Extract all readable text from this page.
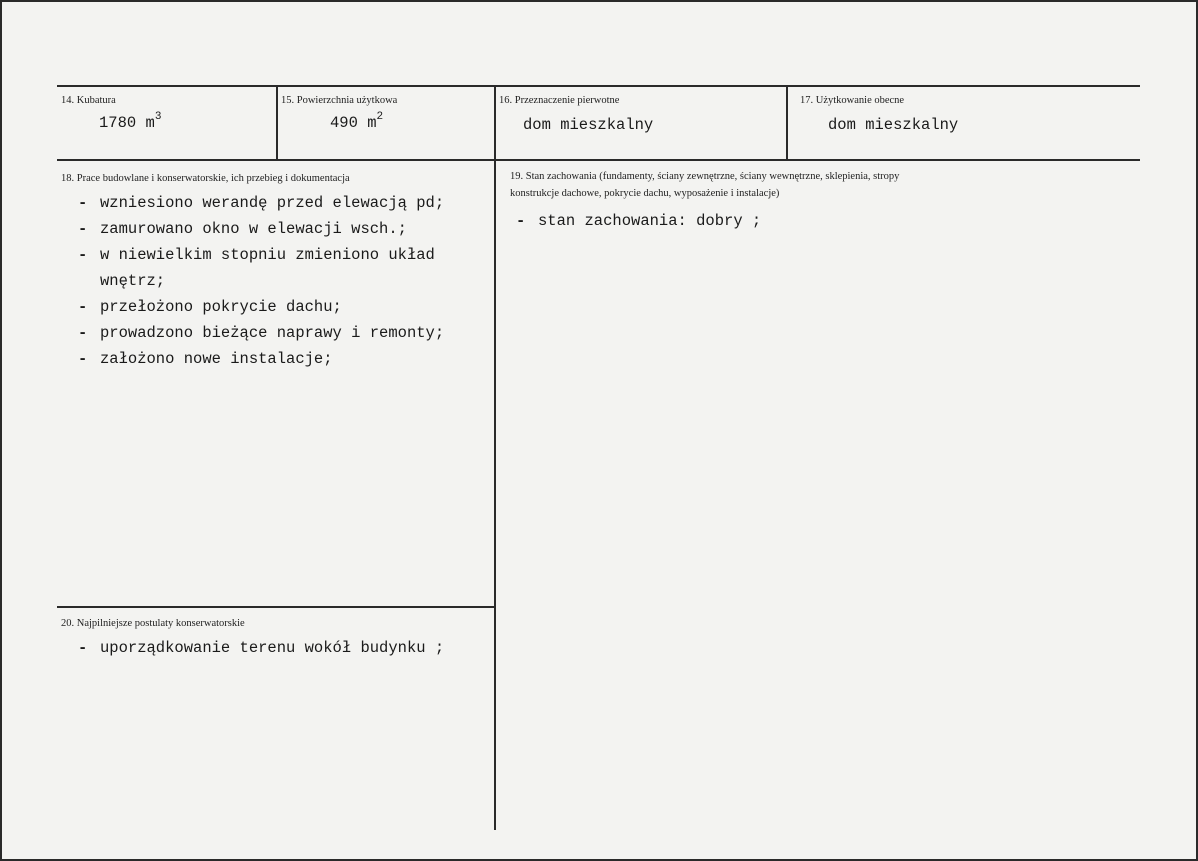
14. Kubatura
1780 $m^3$
15. Powierzchnia użytkowa
490 $m^2$
16. Przeznaczenie pierwotne
dom mieszkalny
17. Użytkowanie obecne
dom mieszkalny
18. Prace budowlane i konserwatorskie, ich przebieg i dokumentacja
- wzniesiono werandę przed elewacją pd;
- zamurowano okno w elewacji wsch.;
- w niewielkim stopniu zmieniono układ wnętrz;
- przełożono pokrycie dachu;
- prowadzono bieżące naprawy i remonty;
- założono nowe instalacje;
19. Stan zachowania (fundamenty, ściany zewnętrzne, ściany wewnętrzne, sklepienia, stropy
konstrukcje dachowe, pokrycie dachu, wyposażenie i instalacje)
- stan zachowania: dobry ;
20. Najpilniejsze postulaty konserwatorskie
- uporządkowanie terenu wokół budynku ;
